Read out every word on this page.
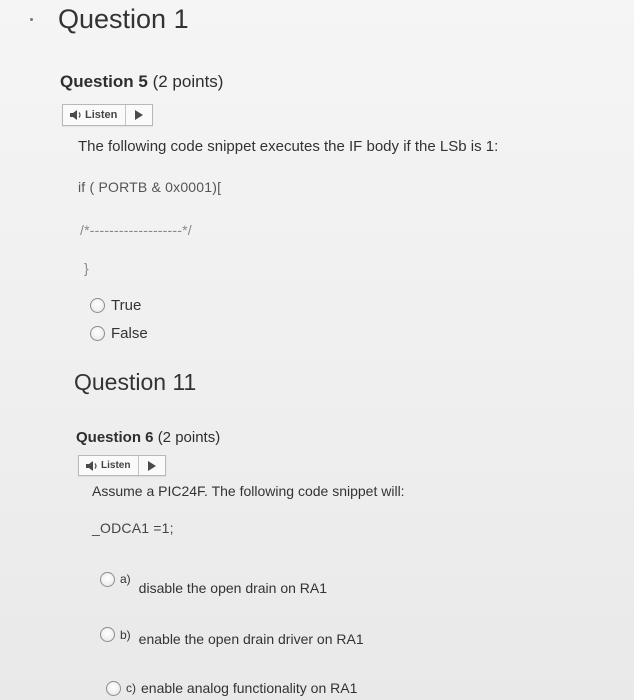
Question 1
Question 5 (2 points)
Listen
The following code snippet executes the IF body if the LSb is 1:
if ( PORTB & 0x0001)[
/*-------------------*/
}
True
False
Question 11
Question 6 (2 points)
Listen
Assume a PIC24F. The following code snippet will:
_ODCA1 =1;
a)
disable the open drain on RA1
b) enable the open drain driver on RA1
c) enable analog functionality on RA1
